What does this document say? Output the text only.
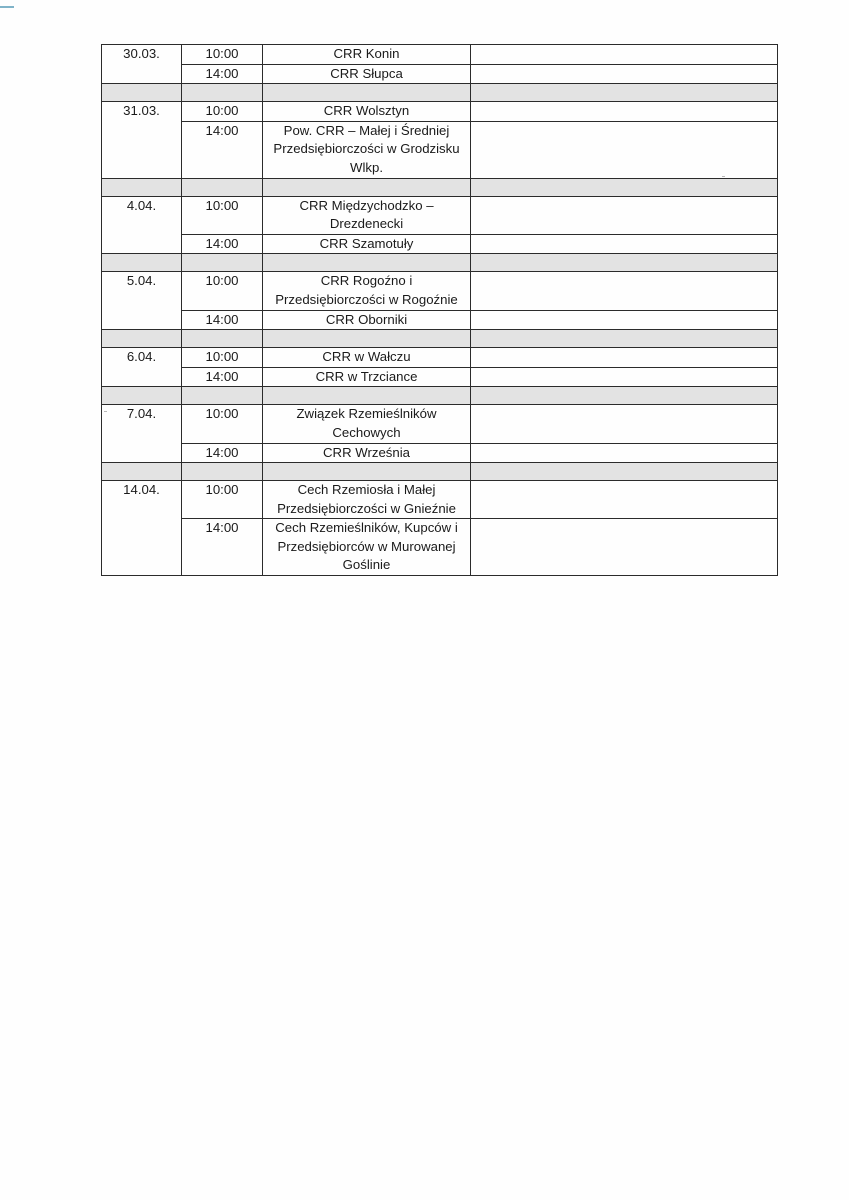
30.03.	10:00	CRR Konin	
	14:00	CRR Słupca	

31.03.	10:00	CRR Wolsztyn	
	14:00	Pow. CRR – Małej i Średniej Przedsiębiorczości w Grodzisku Wlkp.	

4.04.	10:00	CRR Międzychodzko – Drezdenecki	
	14:00	CRR Szamotuły	

5.04.	10:00	CRR Rogoźno i Przedsiębiorczości w Rogoźnie	
	14:00	CRR Oborniki	

6.04.	10:00	CRR w Wałczu	
	14:00	CRR w Trzciance	

7.04.	10:00	Związek Rzemieślników Cechowych	
	14:00	CRR Września	

14.04.	10:00	Cech Rzemiosła i Małej Przedsiębiorczości w Gnieźnie	
	14:00	Cech Rzemieślników, Kupców i Przedsiębiorców w Murowanej Goślinie	
